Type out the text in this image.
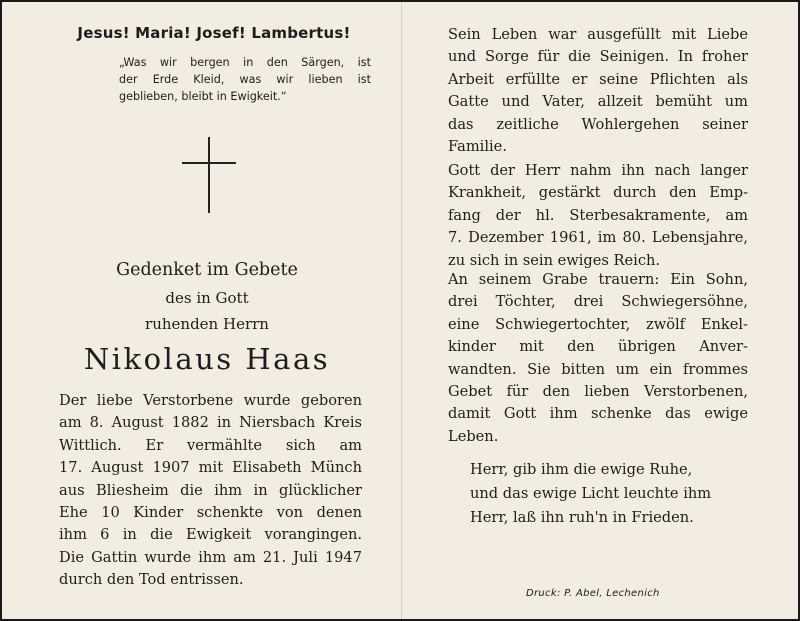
Jesus! Maria! Josef! Lambertus!
„Was wir bergen in den Särgen, ist
der Erde Kleid, was wir lieben ist
geblieben, bleibt in Ewigkeit.“
Gedenket im Gebete
des in Gott
ruhenden Herrn
Nikolaus Haas
Der liebe Verstorbene wurde geboren
am 8. August 1882 in Niersbach Kreis
Wittlich. Er vermählte sich am
17. August 1907 mit Elisabeth Münch
aus Bliesheim die ihm in glücklicher
Ehe 10 Kinder schenkte von denen
ihm 6 in die Ewigkeit vorangingen.
Die Gattin wurde ihm am 21. Juli 1947
durch den Tod entrissen.
Sein Leben war ausgefüllt mit Liebe
und Sorge für die Seinigen. In froher
Arbeit erfüllte er seine Pflichten als
Gatte und Vater, allzeit bemüht um
das zeitliche Wohlergehen seiner
Familie.
Gott der Herr nahm ihn nach langer
Krankheit, gestärkt durch den Emp-
fang der hl. Sterbesakramente, am
7. Dezember 1961, im 80. Lebensjahre,
zu sich in sein ewiges Reich.
An seinem Grabe trauern: Ein Sohn,
drei Töchter, drei Schwiegersöhne,
eine Schwiegertochter, zwölf Enkel-
kinder mit den übrigen Anver-
wandten. Sie bitten um ein frommes
Gebet für den lieben Verstorbenen,
damit Gott ihm schenke das ewige
Leben.
Herr, gib ihm die ewige Ruhe,
und das ewige Licht leuchte ihm
Herr, laß ihn ruh'n in Frieden.
Druck: P. Abel, Lechenich
